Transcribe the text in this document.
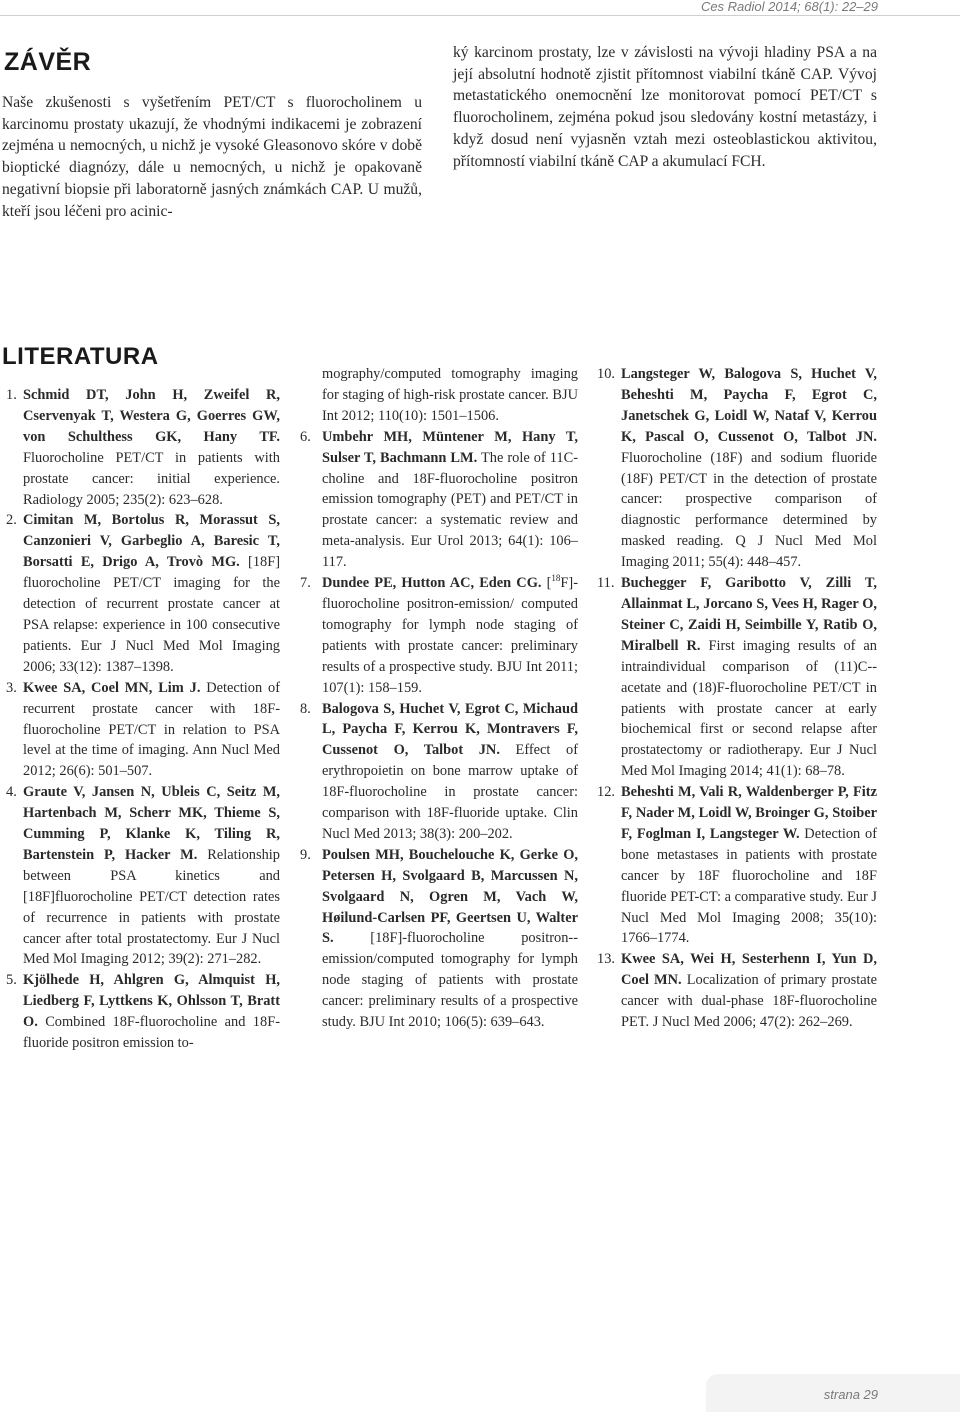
Ces Radiol 2014; 68(1): 22–29
ZÁVĚR

Naše zkušenosti s vyšetřením PET/CT s fluorocholinem u karcinomu prostaty ukazují, že vhodnými indikacemi je zobrazení zejména u nemocných, u nichž je vysoké Gleasonovo skóre v době bioptické diagnózy, dále u nemocných, u nichž je opakovaně negativní biopsie při laboratorně jasných známkách CAP. U mužů, kteří jsou léčeni pro acinic-

ký karcinom prostaty, lze v závislosti na vývoji hladiny PSA a na její absolutní hodnotě zjistit přítomnost viabilní tkáně CAP. Vývoj metastatického onemocnění lze monitorovat pomocí PET/CT s fluorocholinem, zejména pokud jsou sledovány kostní metastázy, i když dosud není vyjasněn vztah mezi osteoblastickou aktivitou, přítomností viabilní tkáně CAP a akumulací FCH.

LITERATURA

1. Schmid DT, John H, Zweifel R, Cservenyak T, Westera G, Goerres GW, von Schulthess GK, Hany TF. Fluorocholine PET/CT in patients with prostate cancer: initial experience. Radiology 2005; 235(2): 623–628.

2. Cimitan M, Bortolus R, Morassut S, Canzonieri V, Garbeglio A, Baresic T, Borsatti E, Drigo A, Trovò MG. [18F] fluorocholine PET/CT imaging for the detection of recurrent prostate cancer at PSA relapse: experience in 100 consecutive patients. Eur J Nucl Med Mol Imaging 2006; 33(12): 1387–1398.

3. Kwee SA, Coel MN, Lim J. Detection of recurrent prostate cancer with 18F-fluorocholine PET/CT in relation to PSA level at the time of imaging. Ann Nucl Med 2012; 26(6): 501–507.

4. Graute V, Jansen N, Ubleis C, Seitz M, Hartenbach M, Scherr MK, Thieme S, Cumming P, Klanke K, Tiling R, Bartenstein P, Hacker M. Relationship between PSA kinetics and [18F]fluorocholine PET/CT detection rates of recurrence in patients with prostate cancer after total prostatectomy. Eur J Nucl Med Mol Imaging 2012; 39(2): 271–282.

5. Kjölhede H, Ahlgren G, Almquist H, Liedberg F, Lyttkens K, Ohlsson T, Bratt O. Combined 18F-fluorocholine and 18F-fluoride positron emission to-

mography/computed tomography imaging for staging of high-risk prostate cancer. BJU Int 2012; 110(10): 1501–1506.

6. Umbehr MH, Müntener M, Hany T, Sulser T, Bachmann LM. The role of 11C-choline and 18F-fluorocholine positron emission tomography (PET) and PET/CT in prostate cancer: a systematic review and meta-analysis. Eur Urol 2013; 64(1): 106–117.

7. Dundee PE, Hutton AC, Eden CG. [$^{18}$F]-fluorocholine positron-emission/ computed tomography for lymph node staging of patients with prostate cancer: preliminary results of a prospective study. BJU Int 2011; 107(1): 158–159.

8. Balogova S, Huchet V, Egrot C, Michaud L, Paycha F, Kerrou K, Montravers F, Cussenot O, Talbot JN. Effect of erythropoietin on bone marrow uptake of 18F-fluorocholine in prostate cancer: comparison with 18F-fluoride uptake. Clin Nucl Med 2013; 38(3): 200–202.

9. Poulsen MH, Bouchelouche K, Gerke O, Petersen H, Svolgaard B, Marcussen N, Svolgaard N, Ogren M, Vach W, Høilund-Carlsen PF, Geertsen U, Walter S. [18F]-fluorocholine positron--emission/computed tomography for lymph node staging of patients with prostate cancer: preliminary results of a prospective study. BJU Int 2010; 106(5): 639–643.

10. Langsteger W, Balogova S, Huchet V, Beheshti M, Paycha F, Egrot C, Janetschek G, Loidl W, Nataf V, Kerrou K, Pascal O, Cussenot O, Talbot JN. Fluorocholine (18F) and sodium fluoride (18F) PET/CT in the detection of prostate cancer: prospective comparison of diagnostic performance determined by masked reading. Q J Nucl Med Mol Imaging 2011; 55(4): 448–457.

11. Buchegger F, Garibotto V, Zilli T, Allainmat L, Jorcano S, Vees H, Rager O, Steiner C, Zaidi H, Seimbille Y, Ratib O, Miralbell R. First imaging results of an intraindividual comparison of (11)C--acetate and (18)F-fluorocholine PET/CT in patients with prostate cancer at early biochemical first or second relapse after prostatectomy or radiotherapy. Eur J Nucl Med Mol Imaging 2014; 41(1): 68–78.

12. Beheshti M, Vali R, Waldenberger P, Fitz F, Nader M, Loidl W, Broinger G, Stoiber F, Foglman I, Langsteger W. Detection of bone metastases in patients with prostate cancer by 18F fluorocholine and 18F fluoride PET-CT: a comparative study. Eur J Nucl Med Mol Imaging 2008; 35(10): 1766–1774.

13. Kwee SA, Wei H, Sesterhenn I, Yun D, Coel MN. Localization of primary prostate cancer with dual-phase 18F-fluorocholine PET. J Nucl Med 2006; 47(2): 262–269.

strana 29
